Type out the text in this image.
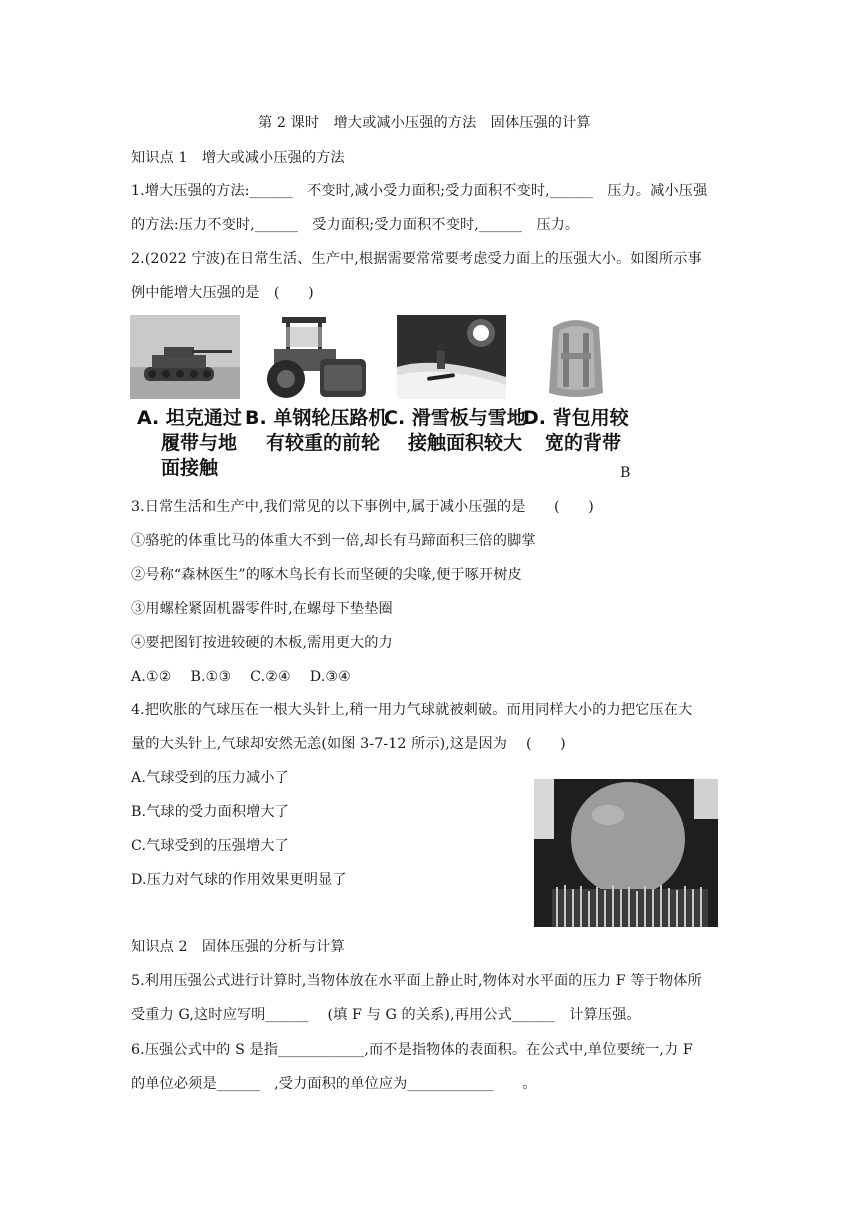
第 2 课时　增大或减小压强的方法　固体压强的计算
知识点 1　增大或减小压强的方法
1.增大压强的方法:______　不变时,减小受力面积;受力面积不变时,______　压力。减小压强
的方法:压力不变时,______　受力面积;受力面积不变时,______　压力。
2.(2022 宁波)在日常生活、生产中,根据需要常常要考虑受力面上的压强大小。如图所示事
例中能增大压强的是　(　　)
A. 坦克通过
履带与地
面接触
B. 单钢轮压路机
有较重的前轮
C. 滑雪板与雪地
接触面积较大
D. 背包用较
宽的背带
B
3.日常生活和生产中,我们常见的以下事例中,属于减小压强的是　　(　　)
①骆驼的体重比马的体重大不到一倍,却长有马蹄面积三倍的脚掌
②号称“森林医生”的啄木鸟长有长而坚硬的尖喙,便于啄开树皮
③用螺栓紧固机器零件时,在螺母下垫垫圈
④要把图钉按进较硬的木板,需用更大的力
A.①②　 B.①③　 C.②④　 D.③④
4.把吹胀的气球压在一根大头针上,稍一用力气球就被刺破。而用同样大小的力把它压在大
量的大头针上,气球却安然无恙(如图 3-7-12 所示),这是因为　 (　　)
A.气球受到的压力减小了
B.气球的受力面积增大了
C.气球受到的压强增大了
D.压力对气球的作用效果更明显了
知识点 2　固体压强的分析与计算
5.利用压强公式进行计算时,当物体放在水平面上静止时,物体对水平面的压力 F 等于物体所
受重力 G,这时应写明______　 (填 F 与 G 的关系),再用公式______　计算压强。
6.压强公式中的 S 是指____________,而不是指物体的表面积。在公式中,单位要统一,力 F
的单位必须是______　,受力面积的单位应为____________　　。
